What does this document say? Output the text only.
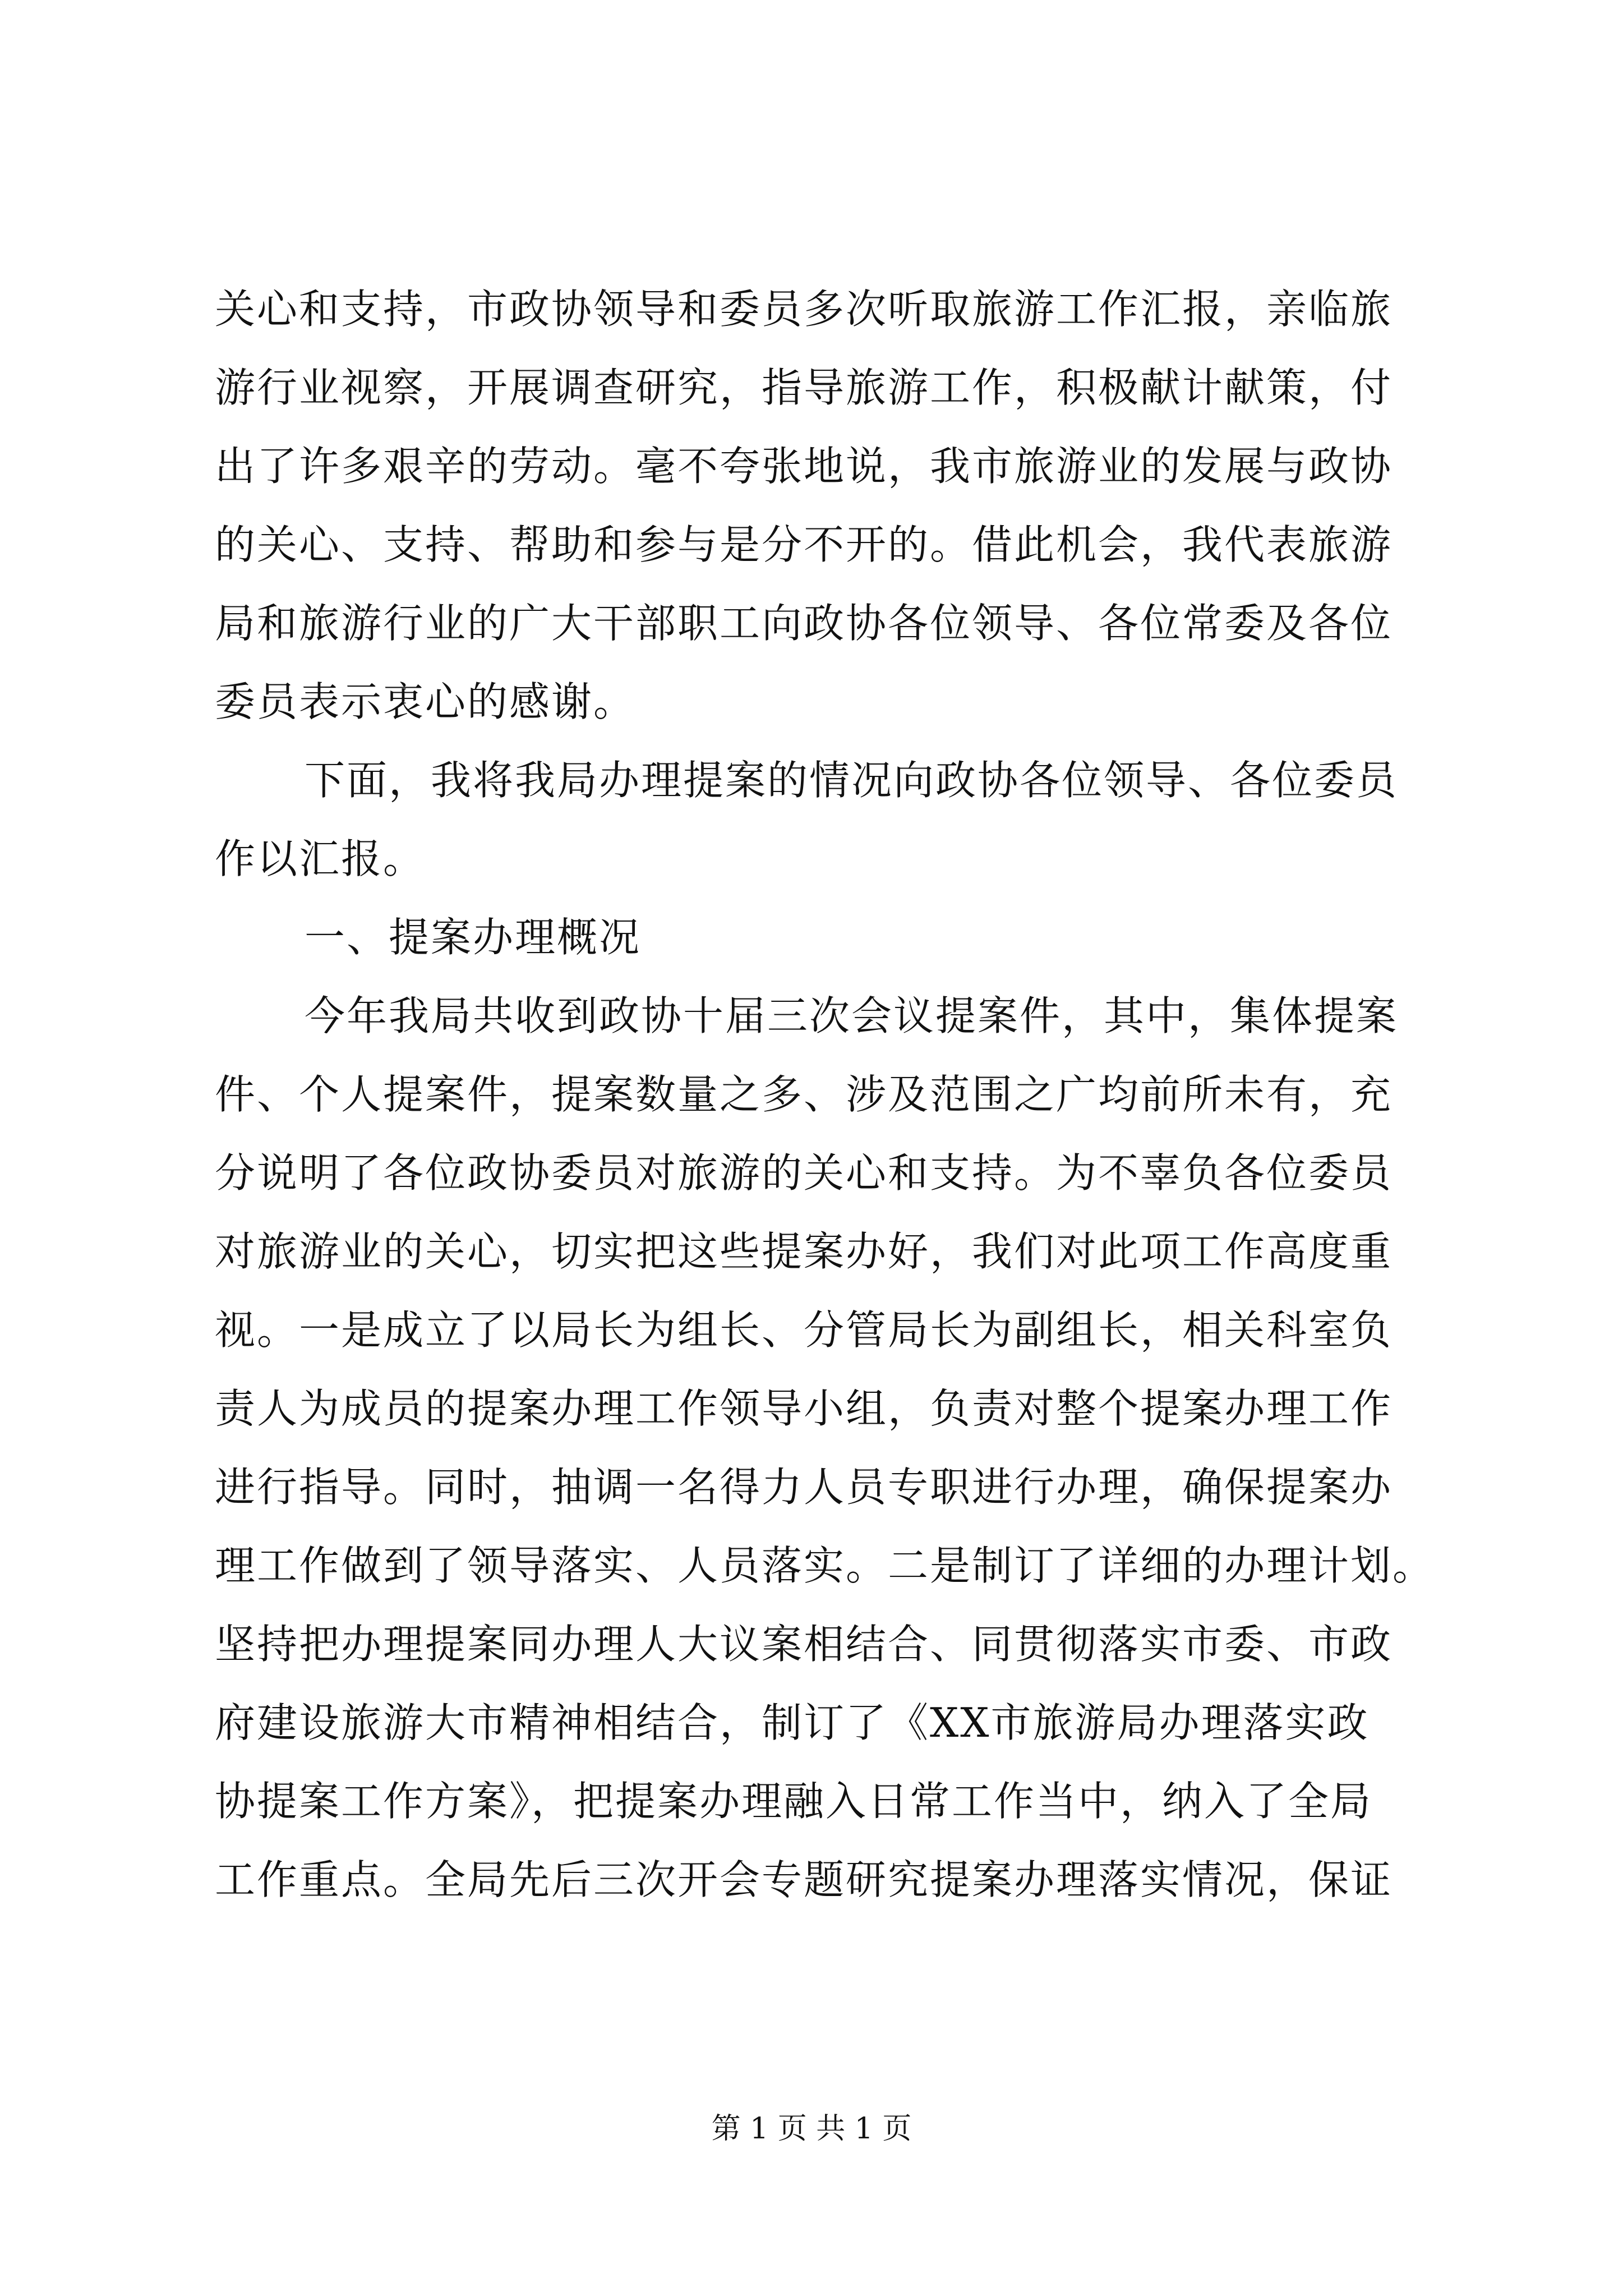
关心和支持，市政协领导和委员多次听取旅游工作汇报，亲临旅
游行业视察，开展调查研究，指导旅游工作，积极献计献策，付
出了许多艰辛的劳动。毫不夸张地说，我市旅游业的发展与政协
的关心、支持、帮助和参与是分不开的。借此机会，我代表旅游
局和旅游行业的广大干部职工向政协各位领导、各位常委及各位
委员表示衷心的感谢。
下面，我将我局办理提案的情况向政协各位领导、各位委员
作以汇报。
一、提案办理概况
今年我局共收到政协十届三次会议提案件，其中，集体提案
件、个人提案件，提案数量之多、涉及范围之广均前所未有，充
分说明了各位政协委员对旅游的关心和支持。为不辜负各位委员
对旅游业的关心，切实把这些提案办好，我们对此项工作高度重
视。一是成立了以局长为组长、分管局长为副组长，相关科室负
责人为成员的提案办理工作领导小组，负责对整个提案办理工作
进行指导。同时，抽调一名得力人员专职进行办理，确保提案办
理工作做到了领导落实、人员落实。二是制订了详细的办理计划。
坚持把办理提案同办理人大议案相结合、同贯彻落实市委、市政
府建设旅游大市精神相结合，制订了《XX市旅游局办理落实政
协提案工作方案》，把提案办理融入日常工作当中，纳入了全局
工作重点。全局先后三次开会专题研究提案办理落实情况，保证
第 1 页 共 1 页
